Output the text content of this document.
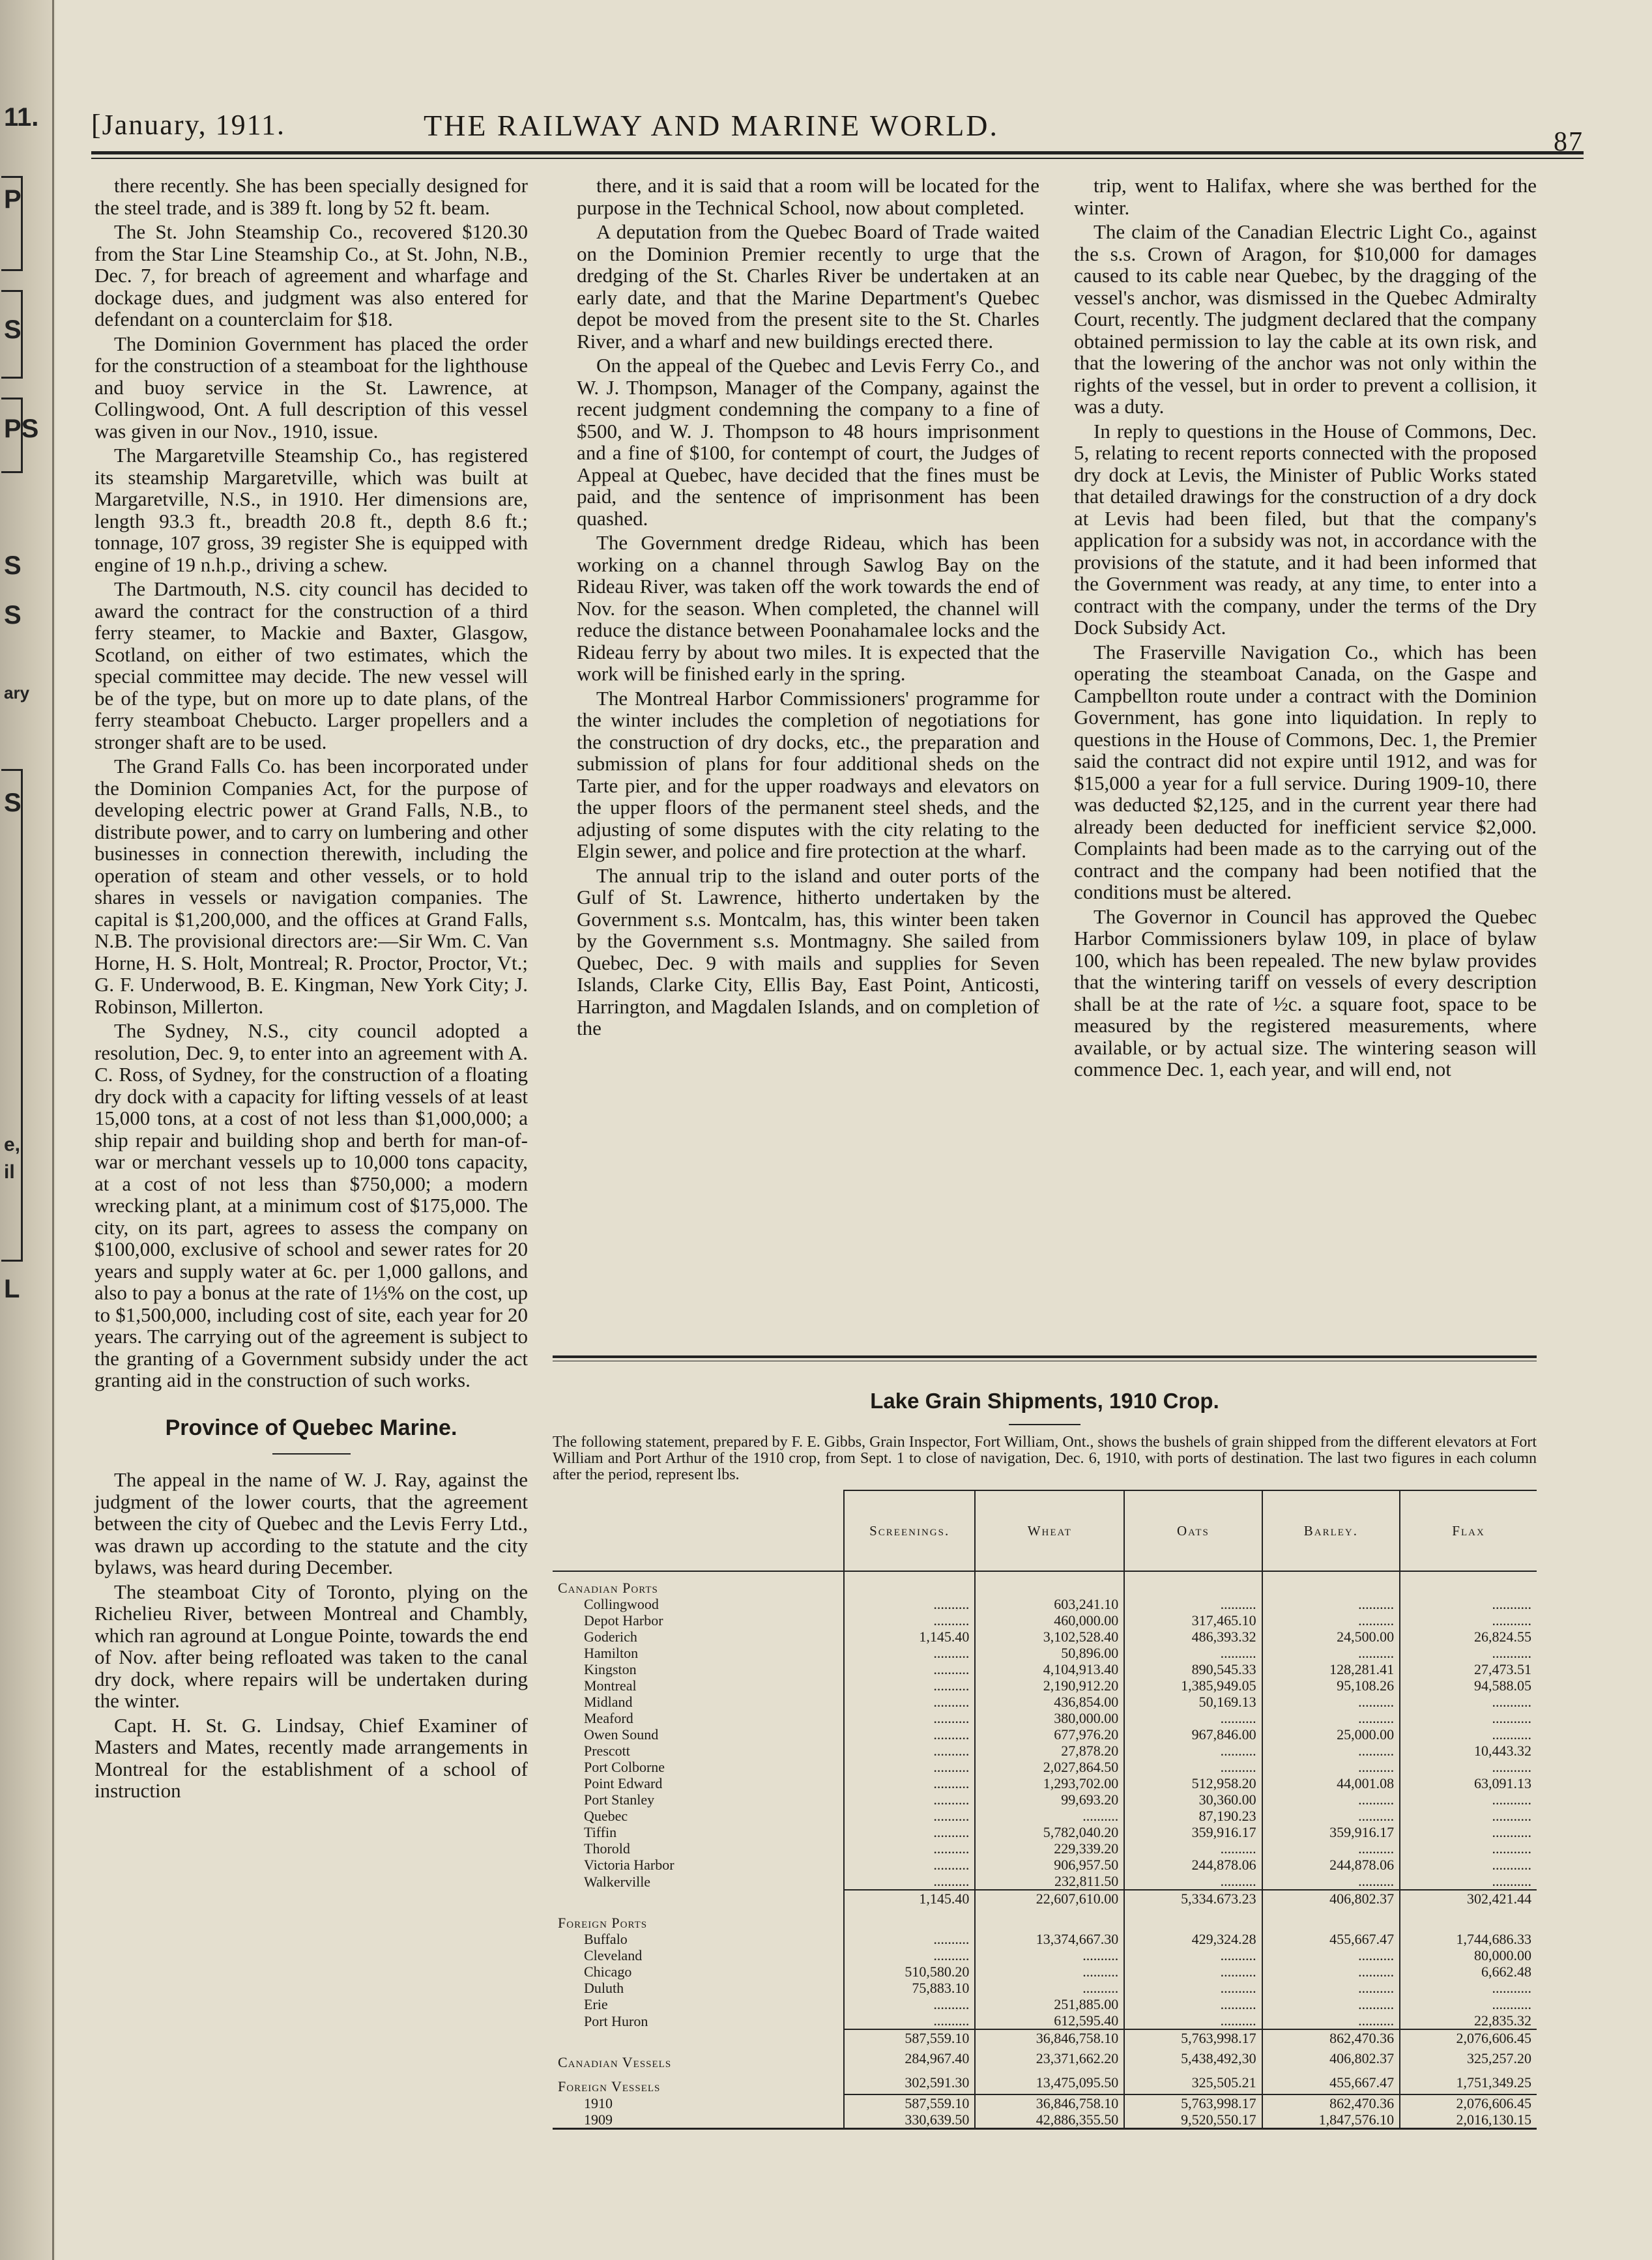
11.
P
S
PS
S
S
ary
S
e,
il
L
[January, 1911.	THE RAILWAY AND MARINE WORLD.	87

there recently. She has been specially designed for the steel trade, and is 389 ft. long by 52 ft. beam.

The St. John Steamship Co., recovered $120.30 from the Star Line Steamship Co., at St. John, N.B., Dec. 7, for breach of agreement and wharfage and dockage dues, and judgment was also entered for defendant on a counterclaim for $18.

The Dominion Government has placed the order for the construction of a steamboat for the lighthouse and buoy service in the St. Lawrence, at Collingwood, Ont. A full description of this vessel was given in our Nov., 1910, issue.

The Margaretville Steamship Co., has registered its steamship Margaretville, which was built at Margaretville, N.S., in 1910. Her dimensions are, length 93.3 ft., breadth 20.8 ft., depth 8.6 ft.; tonnage, 107 gross, 39 register She is equipped with engine of 19 n.h.p., driving a schew.

The Dartmouth, N.S. city council has decided to award the contract for the construction of a third ferry steamer, to Mackie and Baxter, Glasgow, Scotland, on either of two estimates, which the special committee may decide. The new vessel will be of the type, but on more up to date plans, of the ferry steamboat Chebucto. Larger propellers and a stronger shaft are to be used.

The Grand Falls Co. has been incorporated under the Dominion Companies Act, for the purpose of developing electric power at Grand Falls, N.B., to distribute power, and to carry on lumbering and other businesses in connection therewith, including the operation of steam and other vessels, or to hold shares in vessels or navigation companies. The capital is $1,200,000, and the offices at Grand Falls, N.B. The provisional directors are:—Sir Wm. C. Van Horne, H. S. Holt, Montreal; R. Proctor, Proctor, Vt.; G. F. Underwood, B. E. Kingman, New York City; J. Robinson, Millerton.

The Sydney, N.S., city council adopted a resolution, Dec. 9, to enter into an agreement with A. C. Ross, of Sydney, for the construction of a floating dry dock with a capacity for lifting vessels of at least 15,000 tons, at a cost of not less than $1,000,000; a ship repair and building shop and berth for man-of-war or merchant vessels up to 10,000 tons capacity, at a cost of not less than $750,000; a modern wrecking plant, at a minimum cost of $175,000. The city, on its part, agrees to assess the company on $100,000, exclusive of school and sewer rates for 20 years and supply water at 6c. per 1,000 gallons, and also to pay a bonus at the rate of 1⅓% on the cost, up to $1,500,000, including cost of site, each year for 20 years. The carrying out of the agreement is subject to the granting of a Government subsidy under the act granting aid in the construction of such works.

Province of Quebec Marine.

The appeal in the name of W. J. Ray, against the judgment of the lower courts, that the agreement between the city of Quebec and the Levis Ferry Ltd., was drawn up according to the statute and the city bylaws, was heard during December.

The steamboat City of Toronto, plying on the Richelieu River, between Montreal and Chambly, which ran aground at Longue Pointe, towards the end of Nov. after being refloated was taken to the canal dry dock, where repairs will be undertaken during the winter.

Capt. H. St. G. Lindsay, Chief Examiner of Masters and Mates, recently made arrangements in Montreal for the establishment of a school of instruction

there, and it is said that a room will be located for the purpose in the Technical School, now about completed.

A deputation from the Quebec Board of Trade waited on the Dominion Premier recently to urge that the dredging of the St. Charles River be undertaken at an early date, and that the Marine Department's Quebec depot be moved from the present site to the St. Charles River, and a wharf and new buildings erected there.

On the appeal of the Quebec and Levis Ferry Co., and W. J. Thompson, Manager of the Company, against the recent judgment condemning the company to a fine of $500, and W. J. Thompson to 48 hours imprisonment and a fine of $100, for contempt of court, the Judges of Appeal at Quebec, have decided that the fines must be paid, and the sentence of imprisonment has been quashed.

The Government dredge Rideau, which has been working on a channel through Sawlog Bay on the Rideau River, was taken off the work towards the end of Nov. for the season. When completed, the channel will reduce the distance between Poonahamalee locks and the Rideau ferry by about two miles. It is expected that the work will be finished early in the spring.

The Montreal Harbor Commissioners' programme for the winter includes the completion of negotiations for the construction of dry docks, etc., the preparation and submission of plans for four additional sheds on the Tarte pier, and for the upper roadways and elevators on the upper floors of the permanent steel sheds, and the adjusting of some disputes with the city relating to the Elgin sewer, and police and fire protection at the wharf.

The annual trip to the island and outer ports of the Gulf of St. Lawrence, hitherto undertaken by the Government s.s. Montcalm, has, this winter been taken by the Government s.s. Montmagny. She sailed from Quebec, Dec. 9 with mails and supplies for Seven Islands, Clarke City, Ellis Bay, East Point, Anticosti, Harrington, and Magdalen Islands, and on completion of the

trip, went to Halifax, where she was berthed for the winter.

The claim of the Canadian Electric Light Co., against the s.s. Crown of Aragon, for $10,000 for damages caused to its cable near Quebec, by the dragging of the vessel's anchor, was dismissed in the Quebec Admiralty Court, recently. The judgment declared that the company obtained permission to lay the cable at its own risk, and that the lowering of the anchor was not only within the rights of the vessel, but in order to prevent a collision, it was a duty.

In reply to questions in the House of Commons, Dec. 5, relating to recent reports connected with the proposed dry dock at Levis, the Minister of Public Works stated that detailed drawings for the construction of a dry dock at Levis had been filed, but that the company's application for a subsidy was not, in accordance with the provisions of the statute, and it had been informed that the Government was ready, at any time, to enter into a contract with the company, under the terms of the Dry Dock Subsidy Act.

The Fraserville Navigation Co., which has been operating the steamboat Canada, on the Gaspe and Campbellton route under a contract with the Dominion Government, has gone into liquidation. In reply to questions in the House of Commons, Dec. 1, the Premier said the contract did not expire until 1912, and was for $15,000 a year for a full service. During 1909-10, there was deducted $2,125, and in the current year there had already been deducted for inefficient service $2,000. Complaints had been made as to the carrying out of the contract and the company had been notified that the conditions must be altered.

The Governor in Council has approved the Quebec Harbor Commissioners bylaw 109, in place of bylaw 100, which has been repealed. The new bylaw provides that the wintering tariff on vessels of every description shall be at the rate of ½c. a square foot, space to be measured by the registered measurements, where available, or by actual size. The wintering season will commence Dec. 1, each year, and will end, not

Lake Grain Shipments, 1910 Crop.
The following statement, prepared by F. E. Gibbs, Grain Inspector, Fort William, Ont., shows the bushels of grain shipped from the different elevators at Fort William and Port Arthur of the 1910 crop, from Sept. 1 to close of navigation, Dec. 6, 1910, with ports of destination. The last two figures in each column after the period, represent lbs.
	Screenings.	Wheat	Oats	Barley.	Flax
Canadian Ports					
Collingwood	..........	603,241.10	..........	..........	...........
Depot Harbor	..........	460,000.00	317,465.10	..........	...........
Goderich	1,145.40	3,102,528.40	486,393.32	24,500.00	26,824.55
Hamilton	..........	50,896.00	..........	..........	...........
Kingston	..........	4,104,913.40	890,545.33	128,281.41	27,473.51
Montreal	..........	2,190,912.20	1,385,949.05	95,108.26	94,588.05
Midland	..........	436,854.00	50,169.13	..........	...........
Meaford	..........	380,000.00	..........	..........	...........
Owen Sound	..........	677,976.20	967,846.00	25,000.00	...........
Prescott	..........	27,878.20	..........	..........	10,443.32
Port Colborne	..........	2,027,864.50	..........	..........	...........
Point Edward	..........	1,293,702.00	512,958.20	44,001.08	63,091.13
Port Stanley	..........	99,693.20	30,360.00	..........	...........
Quebec	..........	..........	87,190.23	..........	...........
Tiffin	..........	5,782,040.20	359,916.17	359,916.17	...........
Thorold	..........	229,339.20	..........	..........	...........
Victoria Harbor	..........	906,957.50	244,878.06	244,878.06	...........
Walkerville	..........	232,811.50	..........	..........	...........
	1,145.40	22,607,610.00	5,334.673.23	406,802.37	302,421.44
Foreign Ports					
Buffalo	..........	13,374,667.30	429,324.28	455,667.47	1,744,686.33
Cleveland	..........	..........	..........	..........	80,000.00
Chicago	510,580.20	..........	..........	..........	6,662.48
Duluth	75,883.10	..........	..........	..........	...........
Erie	..........	251,885.00	..........	..........	...........
Port Huron	..........	612,595.40	..........	..........	22,835.32
	587,559.10	36,846,758.10	5,763,998.17	862,470.36	2,076,606.45
Canadian Vessels	284,967.40	23,371,662.20	5,438,492,30	406,802.37	325,257.20
Foreign Vessels	302,591.30	13,475,095.50	325,505.21	455,667.47	1,751,349.25
1910	587,559.10	36,846,758.10	5,763,998.17	862,470.36	2,076,606.45
1909	330,639.50	42,886,355.50	9,520,550.17	1,847,576.10	2,016,130.15
